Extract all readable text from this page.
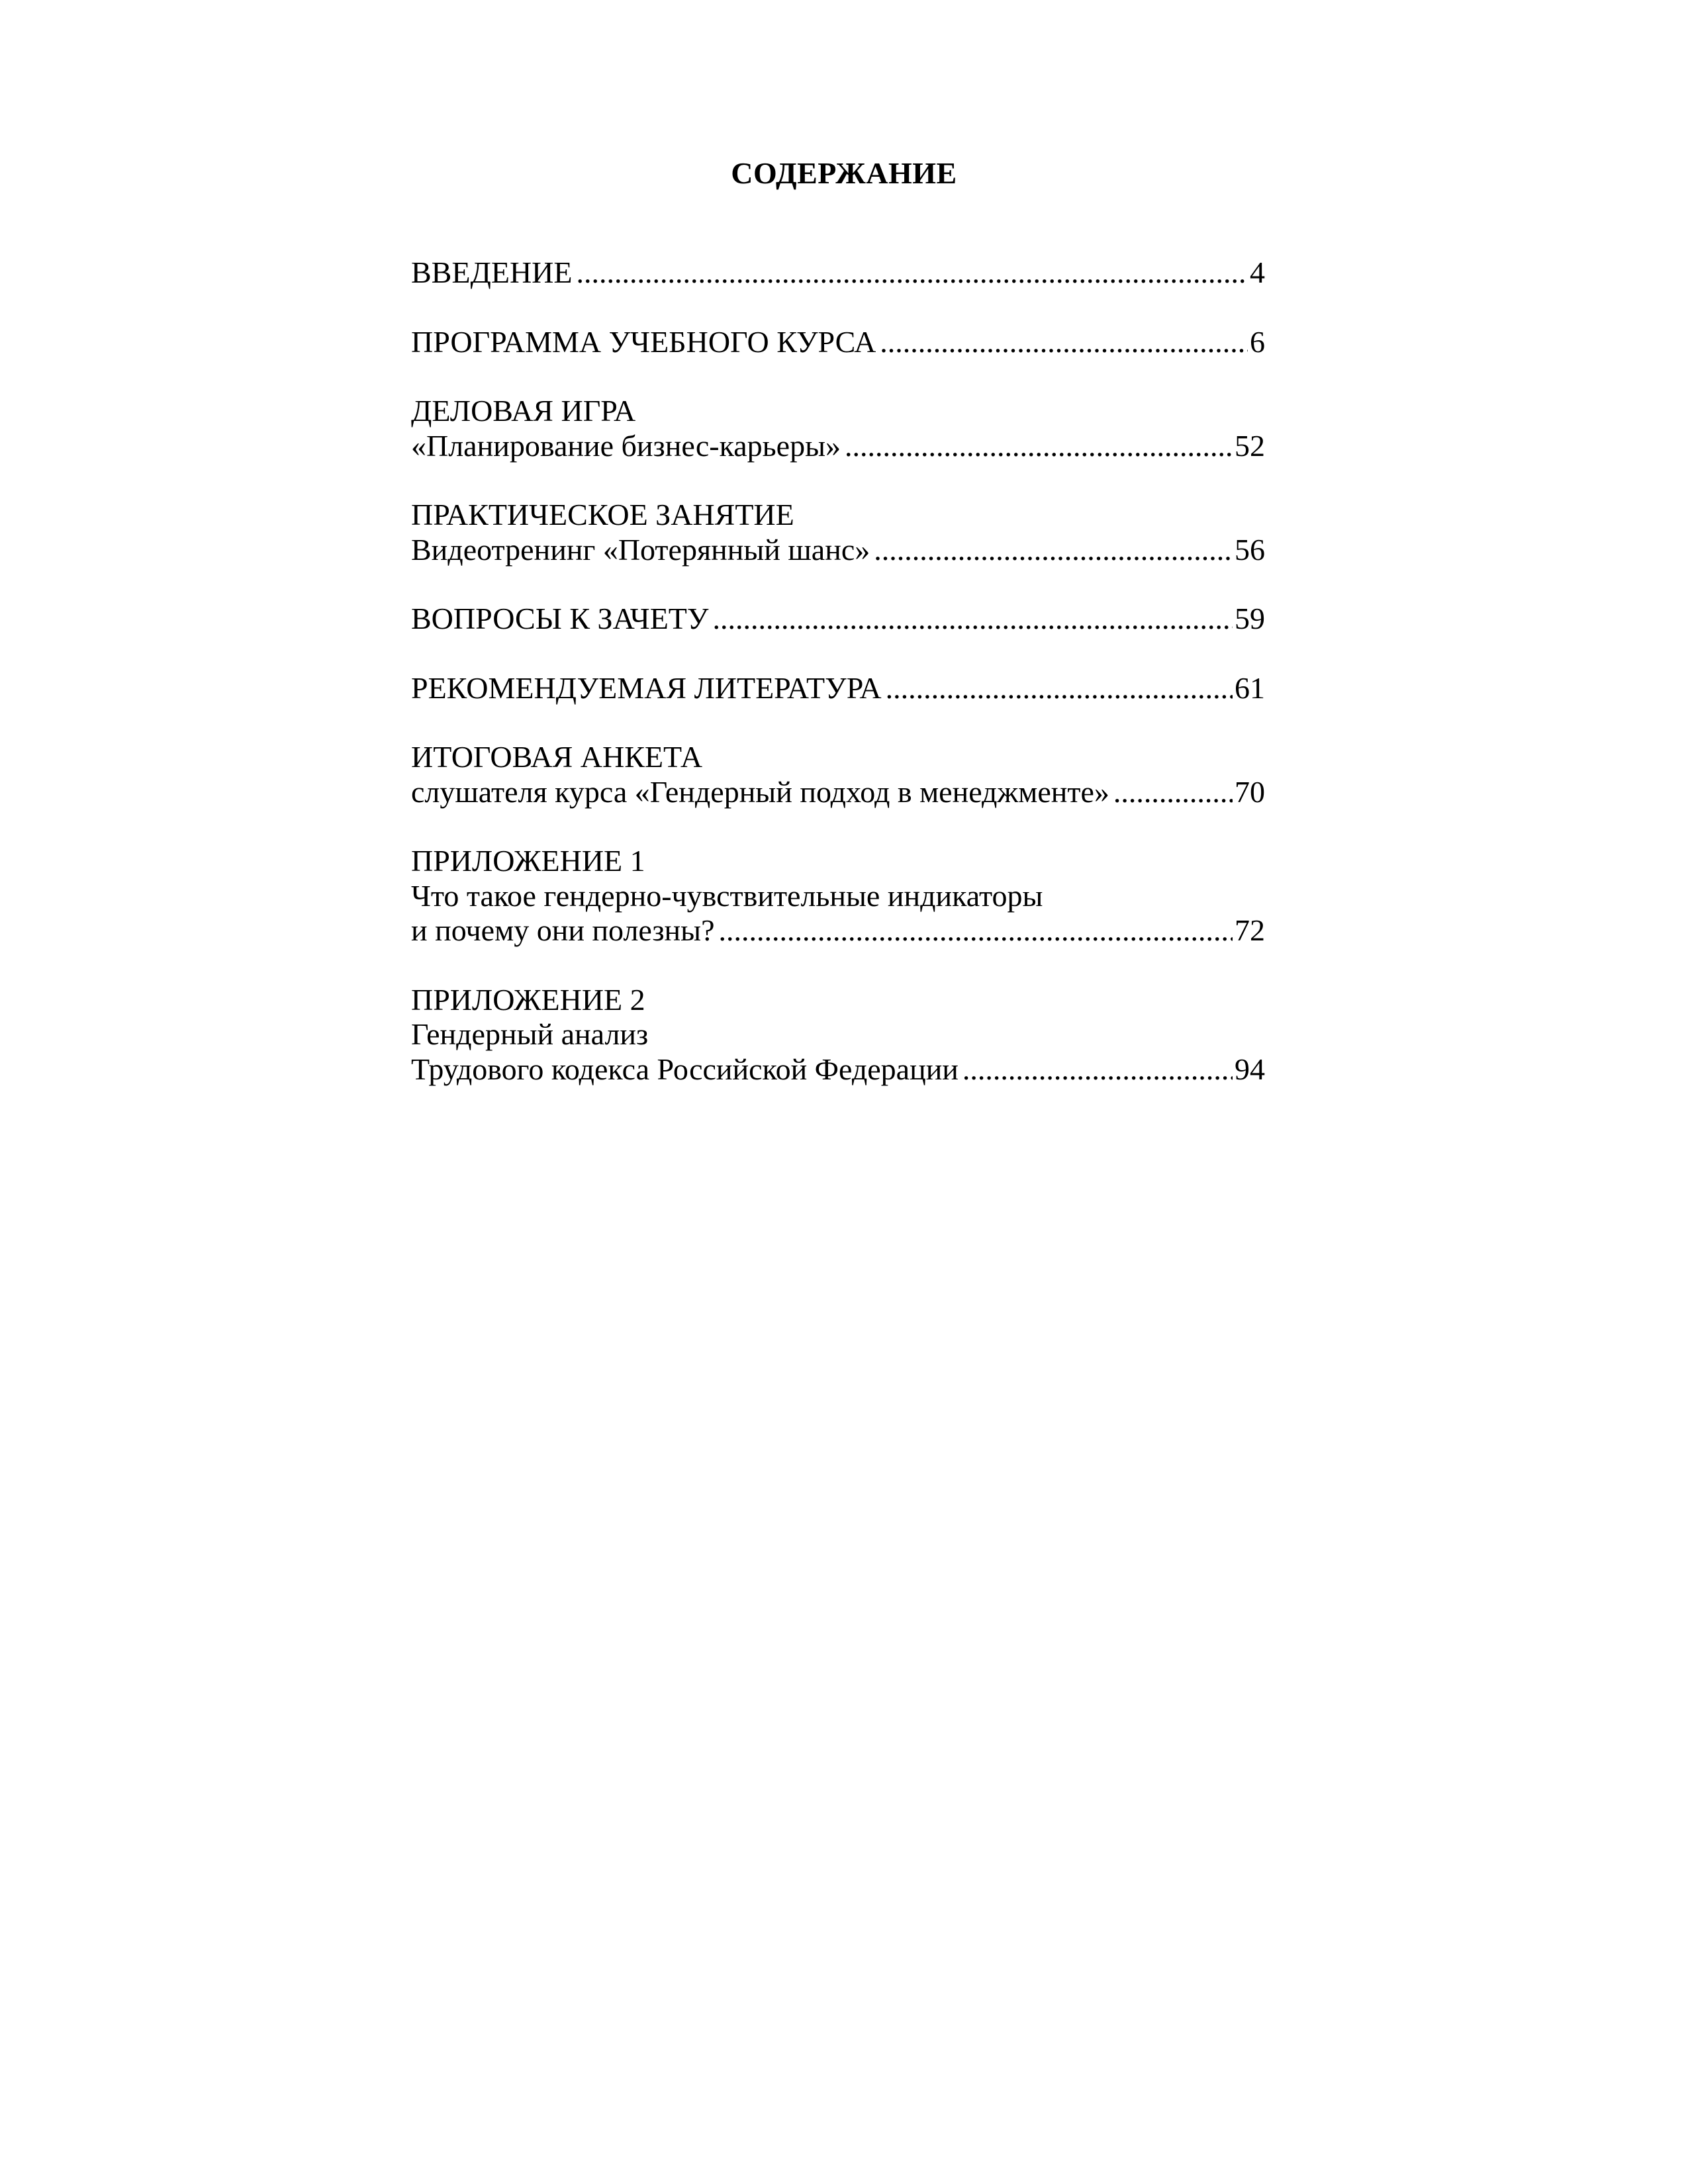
СОДЕРЖАНИЕ
ВВЕДЕНИЕ .....	4
ПРОГРАММА УЧЕБНОГО КУРСА .....	6
ДЕЛОВАЯ ИГРА
«Планирование бизнес-карьеры» .....	52
ПРАКТИЧЕСКОЕ ЗАНЯТИЕ
Видеотренинг «Потерянный шанс» .....	56
ВОПРОСЫ К ЗАЧЕТУ .....	59
РЕКОМЕНДУЕМАЯ ЛИТЕРАТУРА .....	61
ИТОГОВАЯ АНКЕТА
слушателя курса «Гендерный подход в менеджменте» .....	70
ПРИЛОЖЕНИЕ 1
Что такое гендерно-чувствительные индикаторы
и почему они полезны? .....	72
ПРИЛОЖЕНИЕ 2
Гендерный анализ
Трудового кодекса Российской Федерации .....	94
